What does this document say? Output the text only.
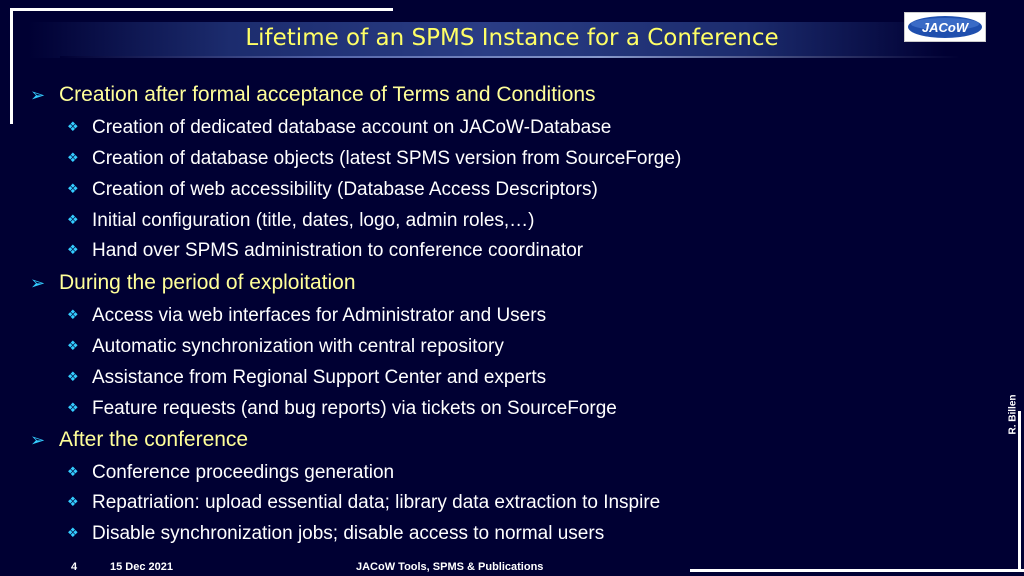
Lifetime of an SPMS Instance for a Conference	JACoW
➢ Creation after formal acceptance of Terms and Conditions
❖ Creation of dedicated database account on JACoW-Database
❖ Creation of database objects (latest SPMS version from SourceForge)
❖ Creation of web accessibility (Database Access Descriptors)
❖ Initial configuration (title, dates, logo, admin roles,…)
❖ Hand over SPMS administration to conference coordinator
➢ During the period of exploitation
❖ Access via web interfaces for Administrator and Users
❖ Automatic synchronization with central repository
❖ Assistance from Regional Support Center and experts
❖ Feature requests (and bug reports) via tickets on SourceForge
➢ After the conference
❖ Conference proceedings generation
❖ Repatriation: upload essential data; library data extraction to Inspire
❖ Disable synchronization jobs; disable access to normal users
R. Billen
4	15 Dec 2021	JACoW Tools, SPMS & Publications
